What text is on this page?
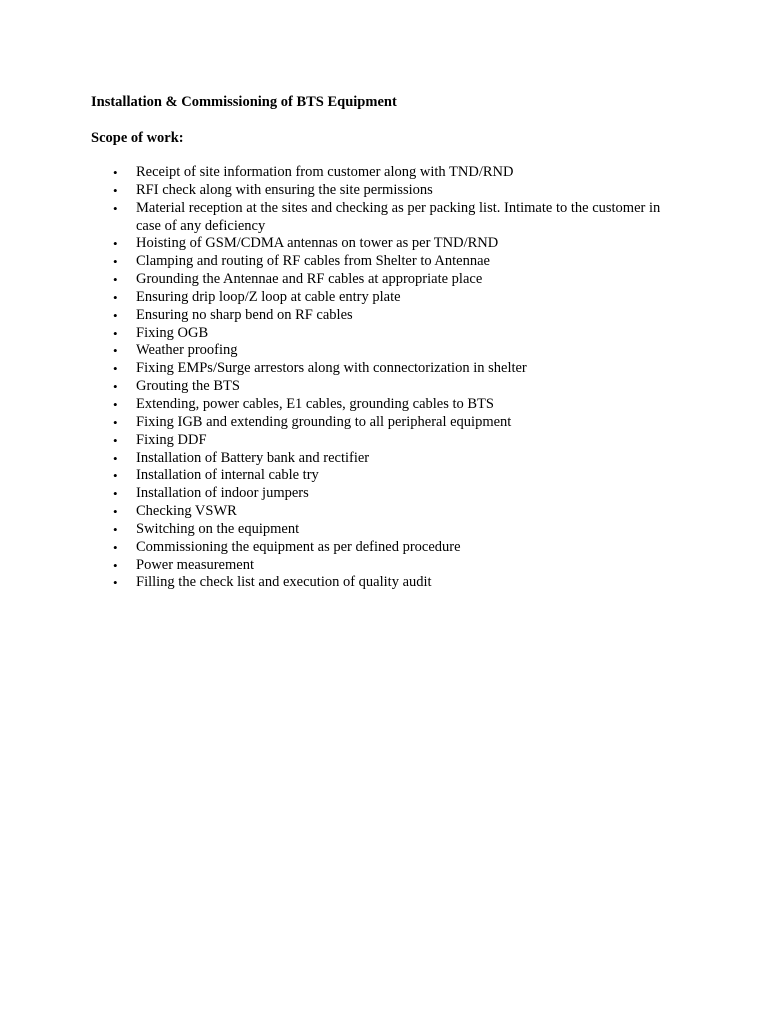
Installation & Commissioning of BTS Equipment
Scope of work:
• Receipt of site information from customer along with TND/RND
• RFI check along with ensuring the site permissions
• Material reception at the sites and checking as per packing list. Intimate to the customer in case of any deficiency
• Hoisting of GSM/CDMA antennas on tower as per TND/RND
• Clamping and routing of RF cables from Shelter to Antennae
• Grounding the Antennae and RF cables at appropriate place
• Ensuring drip loop/Z loop at cable entry plate
• Ensuring no sharp bend on RF cables
• Fixing OGB
• Weather proofing
• Fixing EMPs/Surge arrestors along with connectorization in shelter
• Grouting the BTS
• Extending, power cables, E1 cables, grounding cables to BTS
• Fixing IGB and extending grounding to all peripheral equipment
• Fixing DDF
• Installation of Battery bank and rectifier
• Installation of internal cable try
• Installation of indoor jumpers
• Checking VSWR
• Switching on the equipment
• Commissioning the equipment as per defined procedure
• Power measurement
• Filling the check list and execution of quality audit
